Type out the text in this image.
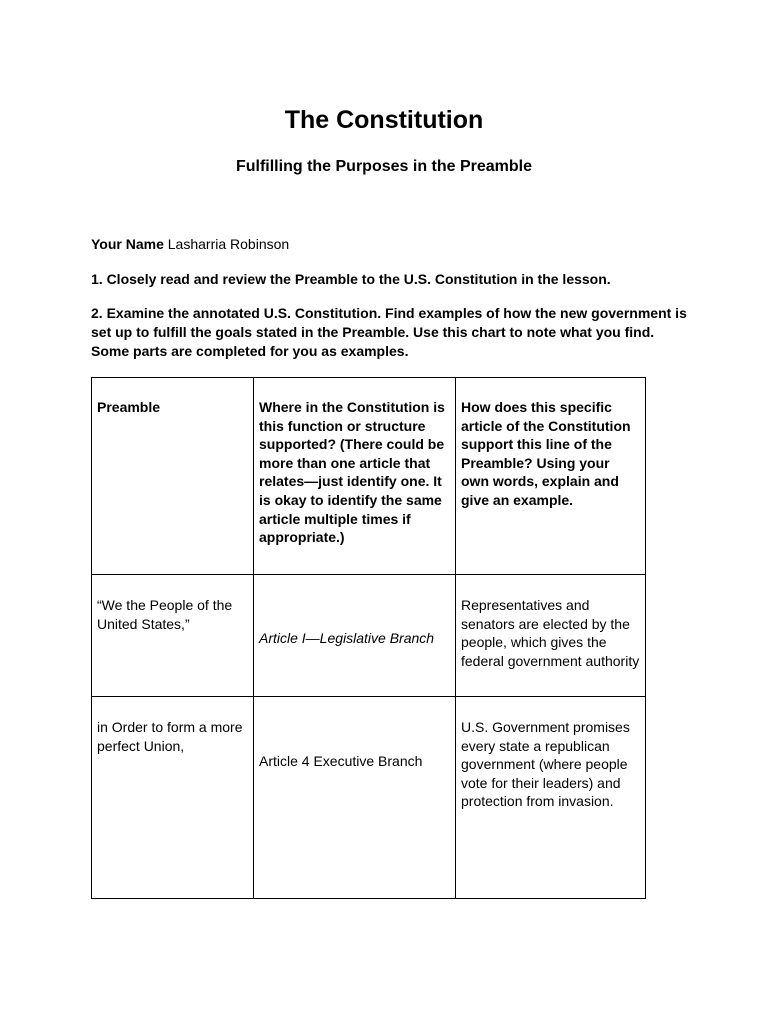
The Constitution
Fulfilling the Purposes in the Preamble
Your Name Lasharria Robinson

1. Closely read and review the Preamble to the U.S. Constitution in the lesson.

2. Examine the annotated U.S. Constitution. Find examples of how the new government is set up to fulfill the goals stated in the Preamble. Use this chart to note what you find. Some parts are completed for you as examples.

Preamble	Where in the Constitution is this function or structure supported? (There could be more than one article that relates—just identify one. It is okay to identify the same article multiple times if appropriate.)	How does this specific article of the Constitution support this line of the Preamble? Using your own words, explain and give an example.

“We the People of the United States,”	Article I—Legislative Branch	Representatives and senators are elected by the people, which gives the federal government authority

in Order to form a more perfect Union,	Article 4 Executive Branch	U.S. Government promises every state a republican government (where people vote for their leaders) and protection from invasion.
